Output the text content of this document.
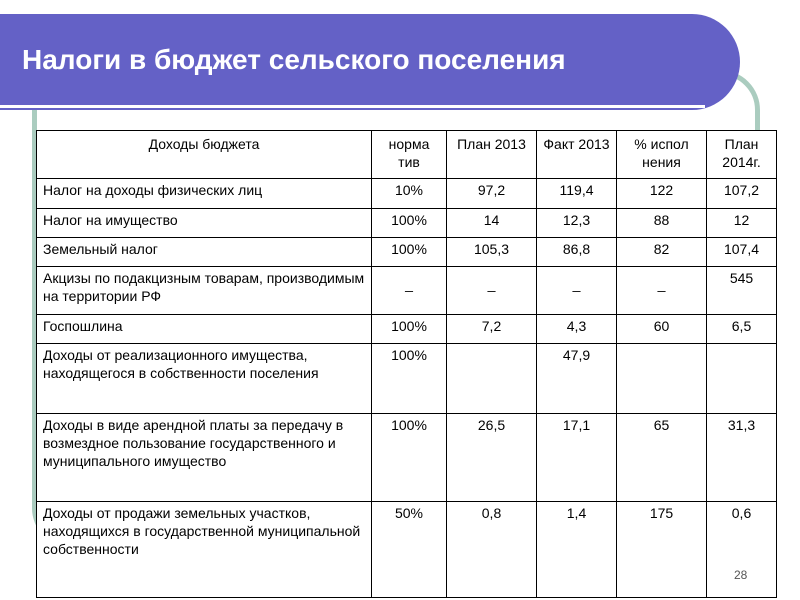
Налоги в бюджет сельского поселения
Доходы бюджета	норма тив	План 2013	Факт 2013	% испол нения	План 2014г.
Налог на доходы физических лиц	10%	97,2	119,4	122	107,2
Налог на имущество	100%	14	12,3	88	12
Земельный налог	100%	105,3	86,8	82	107,4
Акцизы по подакцизным товарам, производимым на территории РФ	_	_	_	_	545
Госпошлина	100%	7,2	4,3	60	6,5
Доходы от реализационного имущества, находящегося в собственности поселения	100%		47,9		
Доходы в виде арендной платы за передачу в возмездное пользование государственного и муниципального имущество	100%	26,5	17,1	65	31,3
Доходы от продажи земельных участков, находящихся в государственной муниципальной собственности	50%	0,8	1,4	175	0,6
28
